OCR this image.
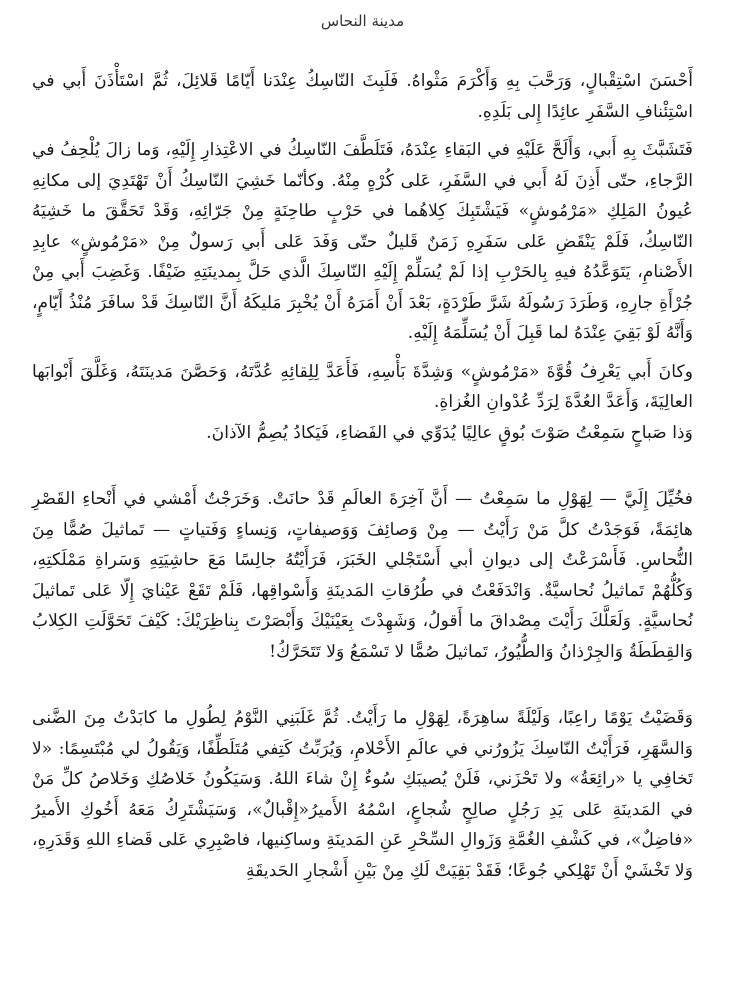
مدينة النحاس

أَحْسَنَ اسْتِقْبالٍ، وَرَحَّبَ بِهِ وَأَكْرَمَ مَثْواهُ. فَلَبِثَ النّاسِكُ عِنْدَنا أَيّامًا قَلائِلَ، ثُمَّ اسْتَأْذَنَ أَبي في اسْتِئْنافِ السَّفَرِ عائِدًا إِلى بَلَدِهِ.

فَتَشَبَّثَ بِهِ أَبي، وَأَلَحَّ عَلَيْهِ في البَقاءِ عِنْدَهُ، فَتَلَطَّفَ النّاسِكُ في الاعْتِذارِ إِلَيْهِ، وَما زالَ يُلْحِفُ في الرَّجاءِ، حتّى أَذِنَ لَهُ أَبي في السَّفَرِ، عَلى كُرْهٍ مِنْهُ. وكأنّما خَشِيَ النّاسِكُ أَنْ تَهْتَدِيَ إلى مكانِهِ عُيونُ المَلِكِ «مَرْمُوشٍ» فَيَشْتَبِكَ كِلاهُما في حَرْبٍ طاحِنَةٍ مِنْ جَرّائِهِ، وَقَدْ تَحَقَّقَ ما خَشِيَهُ النّاسِكُ، فَلَمْ يَنْقَضِ عَلى سَفَرِهِ زَمَنٌ قَليلٌ حتّى وَفَدَ عَلى أَبي رَسولٌ مِنْ «مَرْمُوشٍ» عابِدِ الأَصْنامِ، يَتَوَعَّدُهُ فيهِ بِالحَرْبِ إذا لَمْ يُسَلِّمْ إِلَيْهِ النّاسِكَ الَّذي حَلَّ بِمدينَتِهِ ضَيْفًا. وَغَضِبَ أَبي مِنْ جُرْأَةِ جارِهِ، وَطَرَدَ رَسُولَهُ شَرَّ طَرْدَةٍ، بَعْدَ أَنْ أَمَرَهُ أَنْ يُخْبِرَ مَليكَهُ أَنَّ النّاسِكَ قَدْ سافَرَ مُنْذُ أَيّامٍ، وَأَنَّهُ لَوْ بَقِيَ عِنْدَهُ لما قَبِلَ أَنْ يُسَلِّمَهُ إِلَيْهِ.

وكانَ أَبي يَعْرِفُ قُوَّةَ «مَرْمُوشٍ» وَشِدَّةَ بَأْسِهِ، فَأَعَدَّ لِلِقائِهِ عُدَّتَهُ، وَحَصَّنَ مَدينَتَهُ، وَغَلَّقَ أَبْوابَها العالِيَةَ، وَأَعَدَّ العُدَّةَ لِرَدِّ عُدْوانِ الغُزاةِ.

وَذا صَباحٍ سَمِعْتُ صَوْتَ بُوقٍ عالِيًا يُدَوِّي في الفَضاءِ، فَيَكادُ يُصِمُّ الآذانَ.

فخُيِّلَ إِلَيَّ — لِهَوْلِ ما سَمِعْتُ — أَنَّ آخِرَةَ العالَمِ قَدْ حانَتْ. وَخَرَجْتُ أَمْشي في أَنْحاءِ القَصْرِ هائِمَةً، فَوَجَدْتُ كلَّ مَنْ رَأَيْتُ — مِنْ وَصائِفَ وَوَصيفاتٍ، وَنِساءٍ وَفَتياتٍ — تَماثيلَ صُمًّا مِنَ النُّحاسِ. فَأَسْرَعْتُ إلى ديوانِ أبي أَسْتَجْلي الخَبَرَ، فَرَأَيْتُهُ جالِسًا مَعَ حاشِيَتِهِ وَسَراةِ مَمْلَكتِهِ، وَكُلُّهُمْ تَماثيلُ نُحاسيَّةٌ. وَانْدَفَعْتُ في طُرُقاتِ المَدينَةِ وَأَسْواقِها، فَلَمْ تَقَعْ عَيْنايَ إِلّا عَلى تَماثيلَ نُحاسيَّةٍ. وَلَعَلَّكَ رَأَيْتَ مِصْداقَ ما أَقولُ، وَشَهِدْتَ بِعَيْنَيْكَ وَأَبْصَرْتَ بِناظِرَيْكَ: كَيْفَ تَحَوَّلَتِ الكِلابُ وَالقِطَطَةُ وَالجِرْذانُ وَالطُّيُورُ، تَماثيلَ صُمًّا لا تَسْمَعُ وَلا تَتَحَرَّكُ!

وَقَضَيْتُ يَوْمًا راعِبًا، وَلَيْلَةً ساهِرَةً، لِهَوْلِ ما رَأَيْتُ. ثُمَّ غَلَبَنِي النَّوْمُ لِطُولِ ما كابَدْتُ مِنَ الضَّنى وَالسَّهَرِ، فَرَأَيْتُ النّاسِكَ يَزُورُني في عالَمِ الأَحْلامِ، وَيُرَبِّتُ كَتِفي مُتَلَطِّفًا، وَيَقُولُ لي مُبْتَسِمًا: «لا تَخافِي يا «رائِعَةُ» ولا تَحْزَني، فَلَنْ يُصيبَكِ سُوءٌ إِنْ شاءَ اللهُ. وَسَيَكُونُ خَلاصُكِ وَخَلاصُ كلِّ مَنْ في المَدينَةِ عَلى يَدِ رَجُلٍ صالِحٍ شُجاعٍ، اسْمُهُ الأَميرُ«إِقْبالٌ»، وَسَيَشْتَرِكُ مَعَهُ أَخُوكِ الأَميرُ «فاضِلٌ»، في كَشْفِ الغُمَّةِ وَزَوالِ السِّحْرِ عَنِ المَدينَةِ وساكِنيها، فاصْبِرِي عَلى قَضاءِ اللهِ وَقَدَرِهِ، وَلا تَخْشَيْ أَنْ تَهْلِكي جُوعًا؛ فَقَدْ بَقِيَتْ لَكِ مِنْ بَيْنِ أَشْجارِ الحَديقَةِ
